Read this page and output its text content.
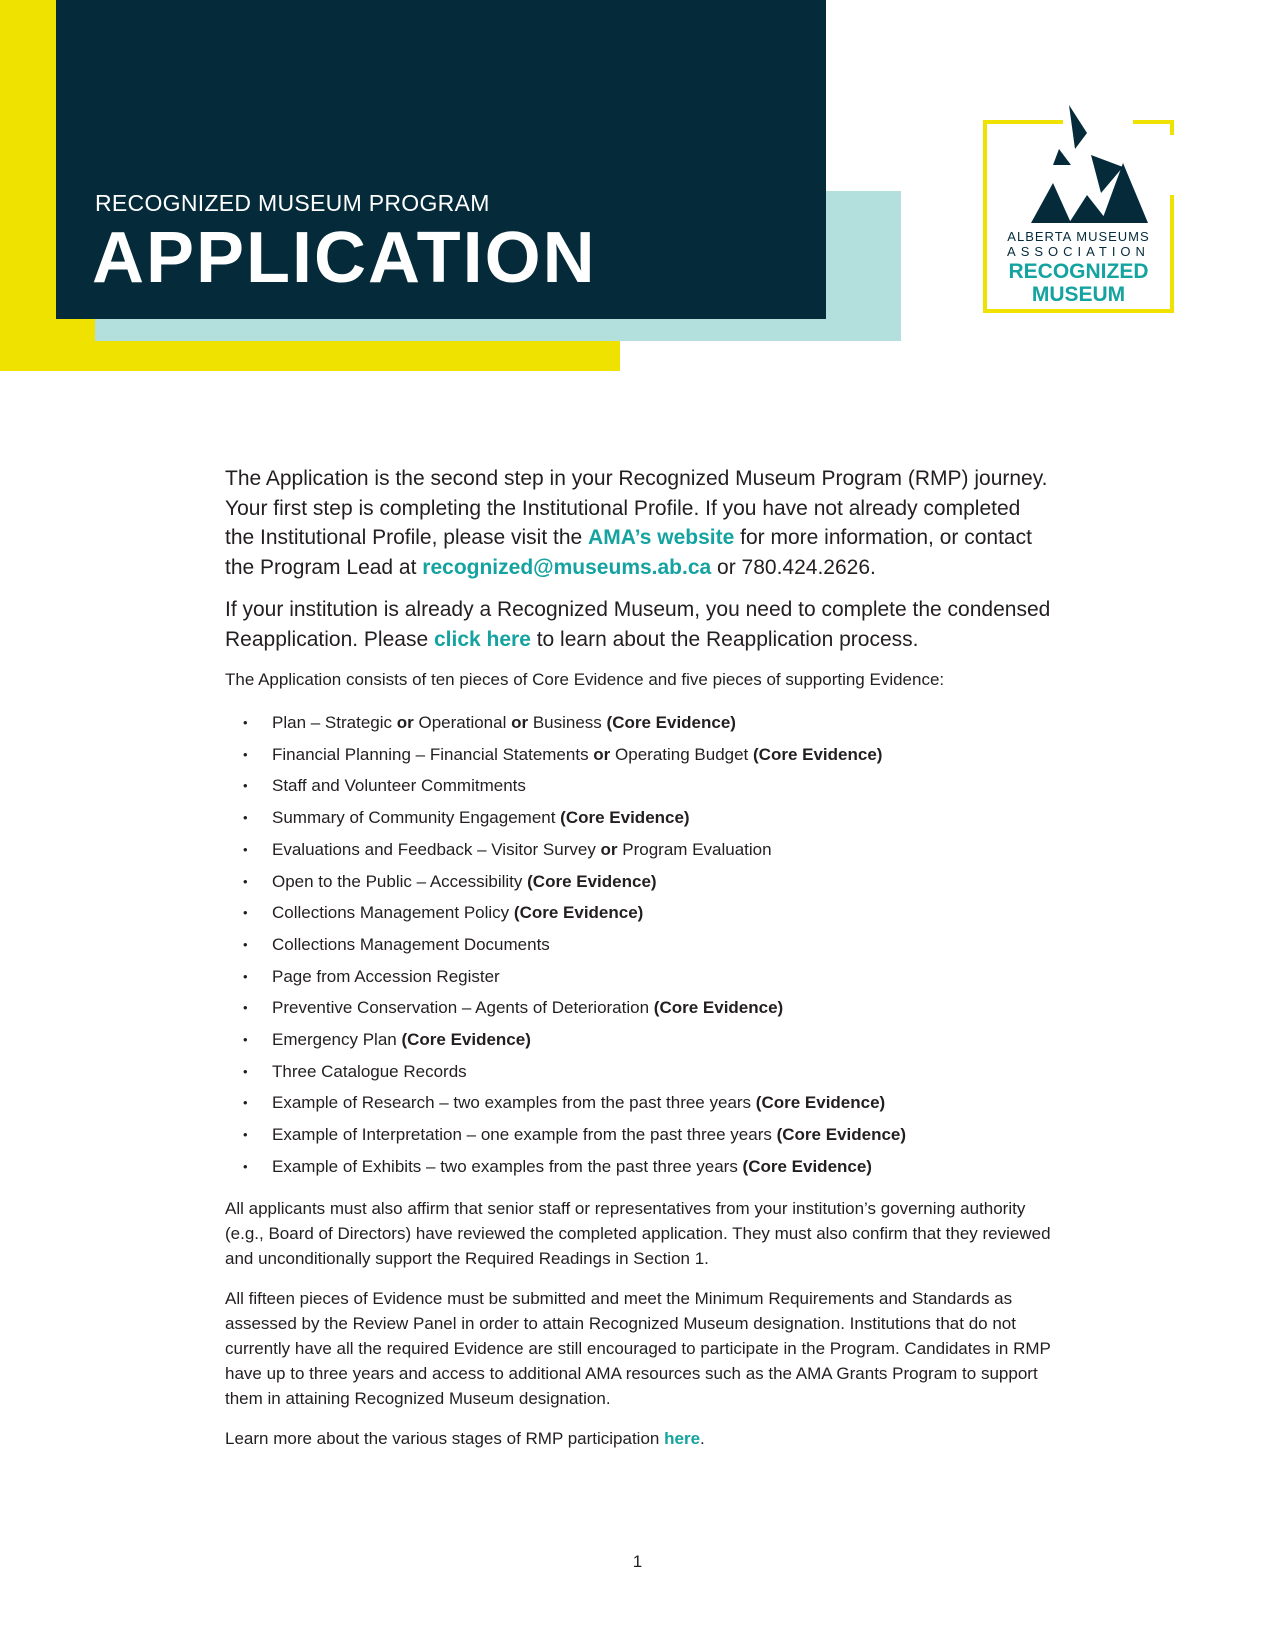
RECOGNIZED MUSEUM PROGRAM
APPLICATION	ALBERTA MUSEUMS
ASSOCIATION
RECOGNIZED
MUSEUM

The Application is the second step in your Recognized Museum Program (RMP) journey. Your first step is completing the Institutional Profile. If you have not already completed the Institutional Profile, please visit the AMA’s website for more information, or contact the Program Lead at recognized@museums.ab.ca or 780.424.2626.

If your institution is already a Recognized Museum, you need to complete the condensed Reapplication. Please click here to learn about the Reapplication process.

The Application consists of ten pieces of Core Evidence and five pieces of supporting Evidence:

• Plan – Strategic or Operational or Business (Core Evidence)
• Financial Planning – Financial Statements or Operating Budget (Core Evidence)
• Staff and Volunteer Commitments
• Summary of Community Engagement (Core Evidence)
• Evaluations and Feedback – Visitor Survey or Program Evaluation
• Open to the Public – Accessibility (Core Evidence)
• Collections Management Policy (Core Evidence)
• Collections Management Documents
• Page from Accession Register
• Preventive Conservation – Agents of Deterioration (Core Evidence)
• Emergency Plan (Core Evidence)
• Three Catalogue Records
• Example of Research – two examples from the past three years (Core Evidence)
• Example of Interpretation – one example from the past three years (Core Evidence)
• Example of Exhibits – two examples from the past three years (Core Evidence)

All applicants must also affirm that senior staff or representatives from your institution’s governing authority (e.g., Board of Directors) have reviewed the completed application. They must also confirm that they reviewed and unconditionally support the Required Readings in Section 1.

All fifteen pieces of Evidence must be submitted and meet the Minimum Requirements and Standards as assessed by the Review Panel in order to attain Recognized Museum designation. Institutions that do not currently have all the required Evidence are still encouraged to participate in the Program. Candidates in RMP have up to three years and access to additional AMA resources such as the AMA Grants Program to support them in attaining Recognized Museum designation.

Learn more about the various stages of RMP participation here.

1
